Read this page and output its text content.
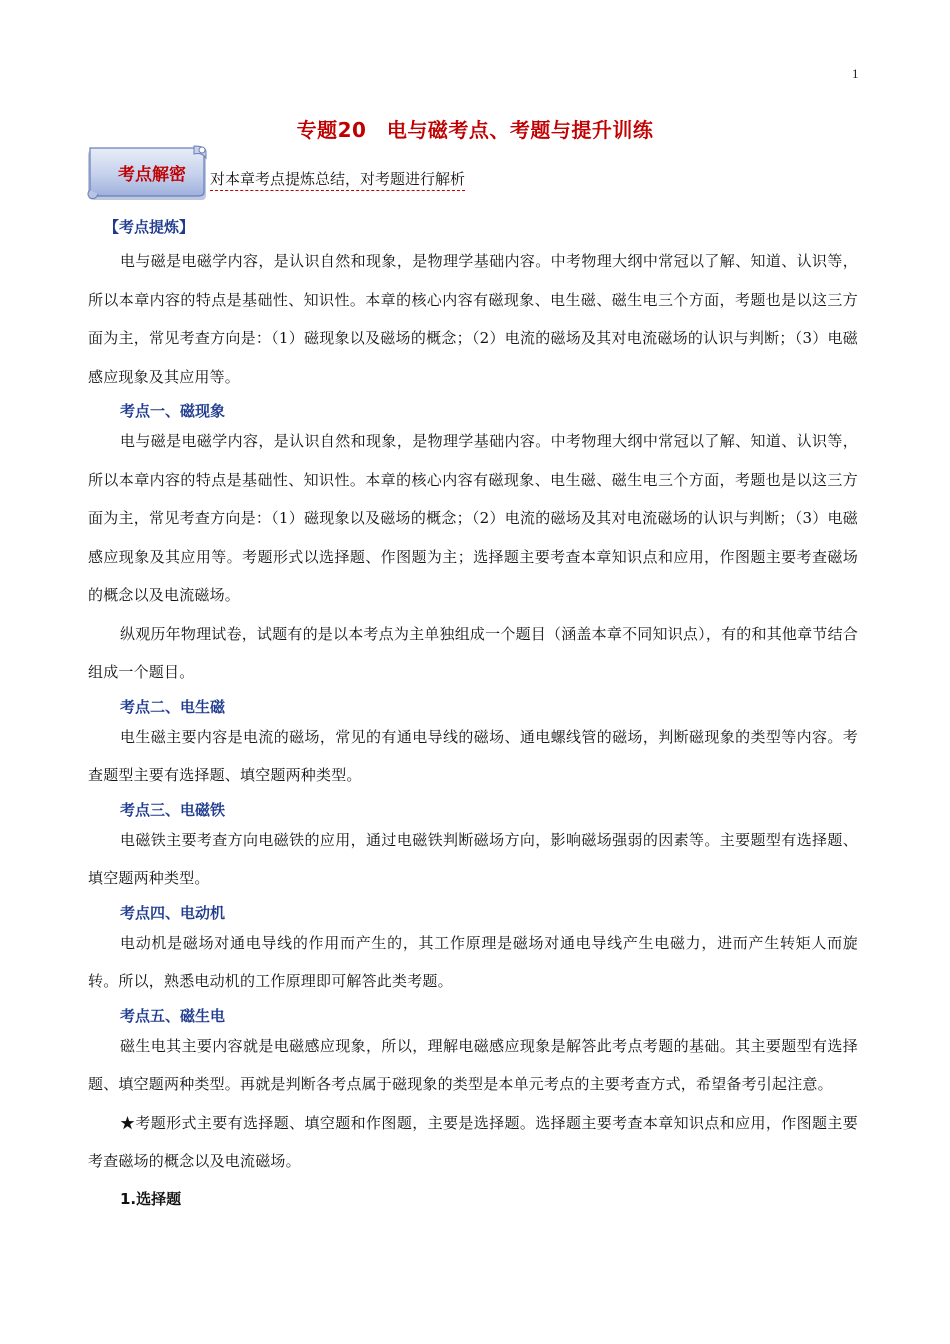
1
专题20　电与磁考点、考题与提升训练
考点解密	对本章考点提炼总结，对考题进行解析
【考点提炼】

电与磁是电磁学内容，是认识自然和现象，是物理学基础内容。中考物理大纲中常冠以了解、知道、认识等，所以本章内容的特点是基础性、知识性。本章的核心内容有磁现象、电生磁、磁生电三个方面，考题也是以这三方面为主，常见考查方向是：（1）磁现象以及磁场的概念；（2）电流的磁场及其对电流磁场的认识与判断；（3）电磁感应现象及其应用等。

考点一、磁现象

电与磁是电磁学内容，是认识自然和现象，是物理学基础内容。中考物理大纲中常冠以了解、知道、认识等，所以本章内容的特点是基础性、知识性。本章的核心内容有磁现象、电生磁、磁生电三个方面，考题也是以这三方面为主，常见考查方向是：（1）磁现象以及磁场的概念；（2）电流的磁场及其对电流磁场的认识与判断；（3）电磁感应现象及其应用等。考题形式以选择题、作图题为主；选择题主要考查本章知识点和应用，作图题主要考查磁场的概念以及电流磁场。

纵观历年物理试卷，试题有的是以本考点为主单独组成一个题目（涵盖本章不同知识点），有的和其他章节结合组成一个题目。

考点二、电生磁

电生磁主要内容是电流的磁场，常见的有通电导线的磁场、通电螺线管的磁场，判断磁现象的类型等内容。考查题型主要有选择题、填空题两种类型。

考点三、电磁铁

电磁铁主要考查方向电磁铁的应用，通过电磁铁判断磁场方向，影响磁场强弱的因素等。主要题型有选择题、填空题两种类型。

考点四、电动机

电动机是磁场对通电导线的作用而产生的，其工作原理是磁场对通电导线产生电磁力，进而产生转矩人而旋转。所以，熟悉电动机的工作原理即可解答此类考题。

考点五、磁生电

磁生电其主要内容就是电磁感应现象，所以，理解电磁感应现象是解答此考点考题的基础。其主要题型有选择题、填空题两种类型。再就是判断各考点属于磁现象的类型是本单元考点的主要考查方式，希望备考引起注意。

★考题形式主要有选择题、填空题和作图题，主要是选择题。选择题主要考查本章知识点和应用，作图题主要考查磁场的概念以及电流磁场。

1.选择题
